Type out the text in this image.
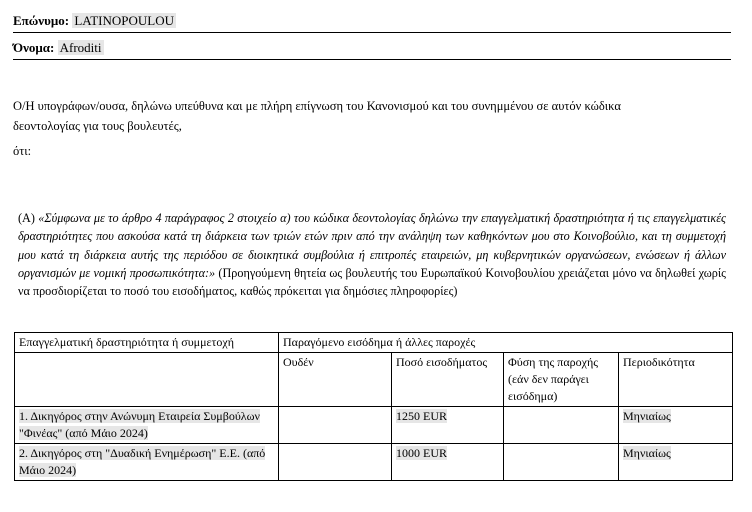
Επώνυμο: LATINOPOULOU
Όνομα: Afroditi
Ο/Η υπογράφων/ουσα, δηλώνω υπεύθυνα και με πλήρη επίγνωση του Κανονισμού και του συνημμένου σε αυτόν κώδικα
δεοντολογίας για τους βουλευτές,
ότι:
(A) «Σύμφωνα με το άρθρο 4 παράγραφος 2 στοιχείο α) του κώδικα δεοντολογίας δηλώνω την επαγγελματική δραστηριότητα ή τις επαγγελματικές δραστηριότητες που ασκούσα κατά τη διάρκεια των τριών ετών πριν από την ανάληψη των καθηκόντων μου στο Κοινοβούλιο, και τη συμμετοχή μου κατά τη διάρκεια αυτής της περιόδου σε διοικητικά συμβούλια ή επιτροπές εταιρειών, μη κυβερνητικών οργανώσεων, ενώσεων ή άλλων οργανισμών με νομική προσωπικότητα:» (Προηγούμενη θητεία ως βουλευτής του Ευρωπαϊκού Κοινοβουλίου χρειάζεται μόνο να δηλωθεί χωρίς να προσδιορίζεται το ποσό του εισοδήματος, καθώς πρόκειται για δημόσιες πληροφορίες)
Επαγγελματική δραστηριότητα ή συμμετοχή	Παραγόμενο εισόδημα ή άλλες παροχές			
	Ουδέν	Ποσό εισοδήματος	Φύση της παροχής (εάν δεν παράγει εισόδημα)	Περιοδικότητα
1. Δικηγόρος στην Ανώνυμη Εταιρεία Συμβούλων "Φινέας" (από Μάιο 2024)		1250 EUR		Μηνιαίως
2. Δικηγόρος στη "Δυαδική Ενημέρωση" Ε.Ε. (από Μάιο 2024)		1000 EUR		Μηνιαίως
